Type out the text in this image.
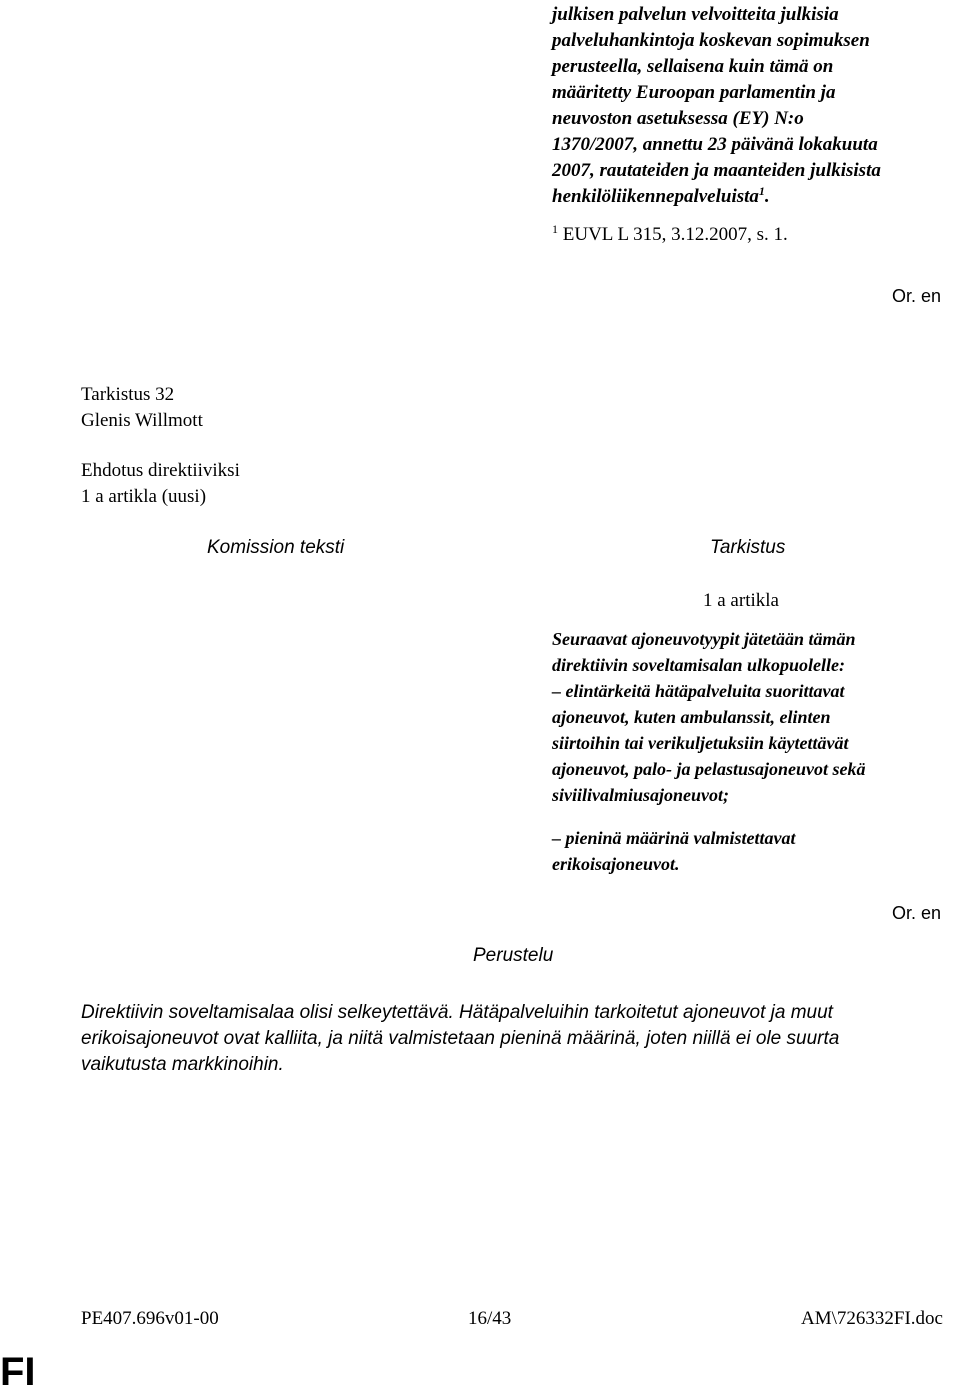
julkisen palvelun velvoitteita julkisia
palveluhankintoja koskevan sopimuksen
perusteella, sellaisena kuin tämä on
määritetty Euroopan parlamentin ja
neuvoston asetuksessa (EY) N:o
1370/2007, annettu 23 päivänä lokakuuta
2007, rautateiden ja maanteiden julkisista
henkilöliikennepalveluista$^1$.
$^1$ EUVL L 315, 3.12.2007, s. 1.
Or. en
Tarkistus 32
Glenis Willmott
Ehdotus direktiiviksi
1 a artikla (uusi)
Komission teksti	Tarkistus
1 a artikla
Seuraavat ajoneuvotyypit jätetään tämän
direktiivin soveltamisalan ulkopuolelle:
– elintärkeitä hätäpalveluita suorittavat
ajoneuvot, kuten ambulanssit, elinten
siirtoihin tai verikuljetuksiin käytettävät
ajoneuvot, palo- ja pelastusajoneuvot sekä
siviilivalmiusajoneuvot;
– pieninä määrinä valmistettavat
erikoisajoneuvot.
Or. en
Perustelu
Direktiivin soveltamisalaa olisi selkeytettävä. Hätäpalveluihin tarkoitetut ajoneuvot ja muut
erikoisajoneuvot ovat kalliita, ja niitä valmistetaan pieninä määrinä, joten niillä ei ole suurta
vaikutusta markkinoihin.
PE407.696v01-00	16/43	AM\726332FI.doc
FI
